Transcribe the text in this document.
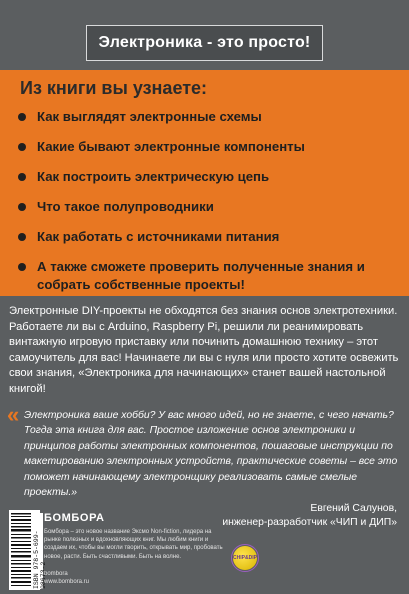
Электроника - это просто!
Из книги вы узнаете:
Как выглядят электронные схемы
Какие бывают электронные компоненты
Как построить электрическую цепь
Что такое полупроводники
Как работать с источниками питания
А также сможете проверить полученные знания и собрать собственные проекты!
Электронные DIY-проекты не обходятся без знания основ электротехники. Работаете ли вы с Arduino, Raspberry Pi, решили ли реанимировать винтажную игровую приставку или починить домашнюю технику – этот самоучитель для вас! Начинаете ли вы с нуля или просто хотите освежить свои знания, «Электроника для начинающих» станет вашей настольной книгой!
« Электроника ваше хобби? У вас много идей, но не знаете, с чего начать? Тогда эта книга для вас. Простое изложение основ электроники и принципов работы электронных компонентов, пошаговые инструкции по макетированию электронных устройств, практические советы – все это поможет начинающему электронщику реализовать самые смелые проекты.»
Евгений Салунов,
инженер-разработчик «ЧИП и ДИП»
ISBN 978-5-699-98673-2
БОМБОРА
Бомбора – это новое название Эксмо Non-fiction, лидера на рынке полезных и вдохновляющих книг. Мы любим книги и создаем их, чтобы вы могли творить, открывать мир, пробовать новое, расти. Быть счастливыми. Быть на волне.
bombora
www.bombora.ru
CHIP&DIP
